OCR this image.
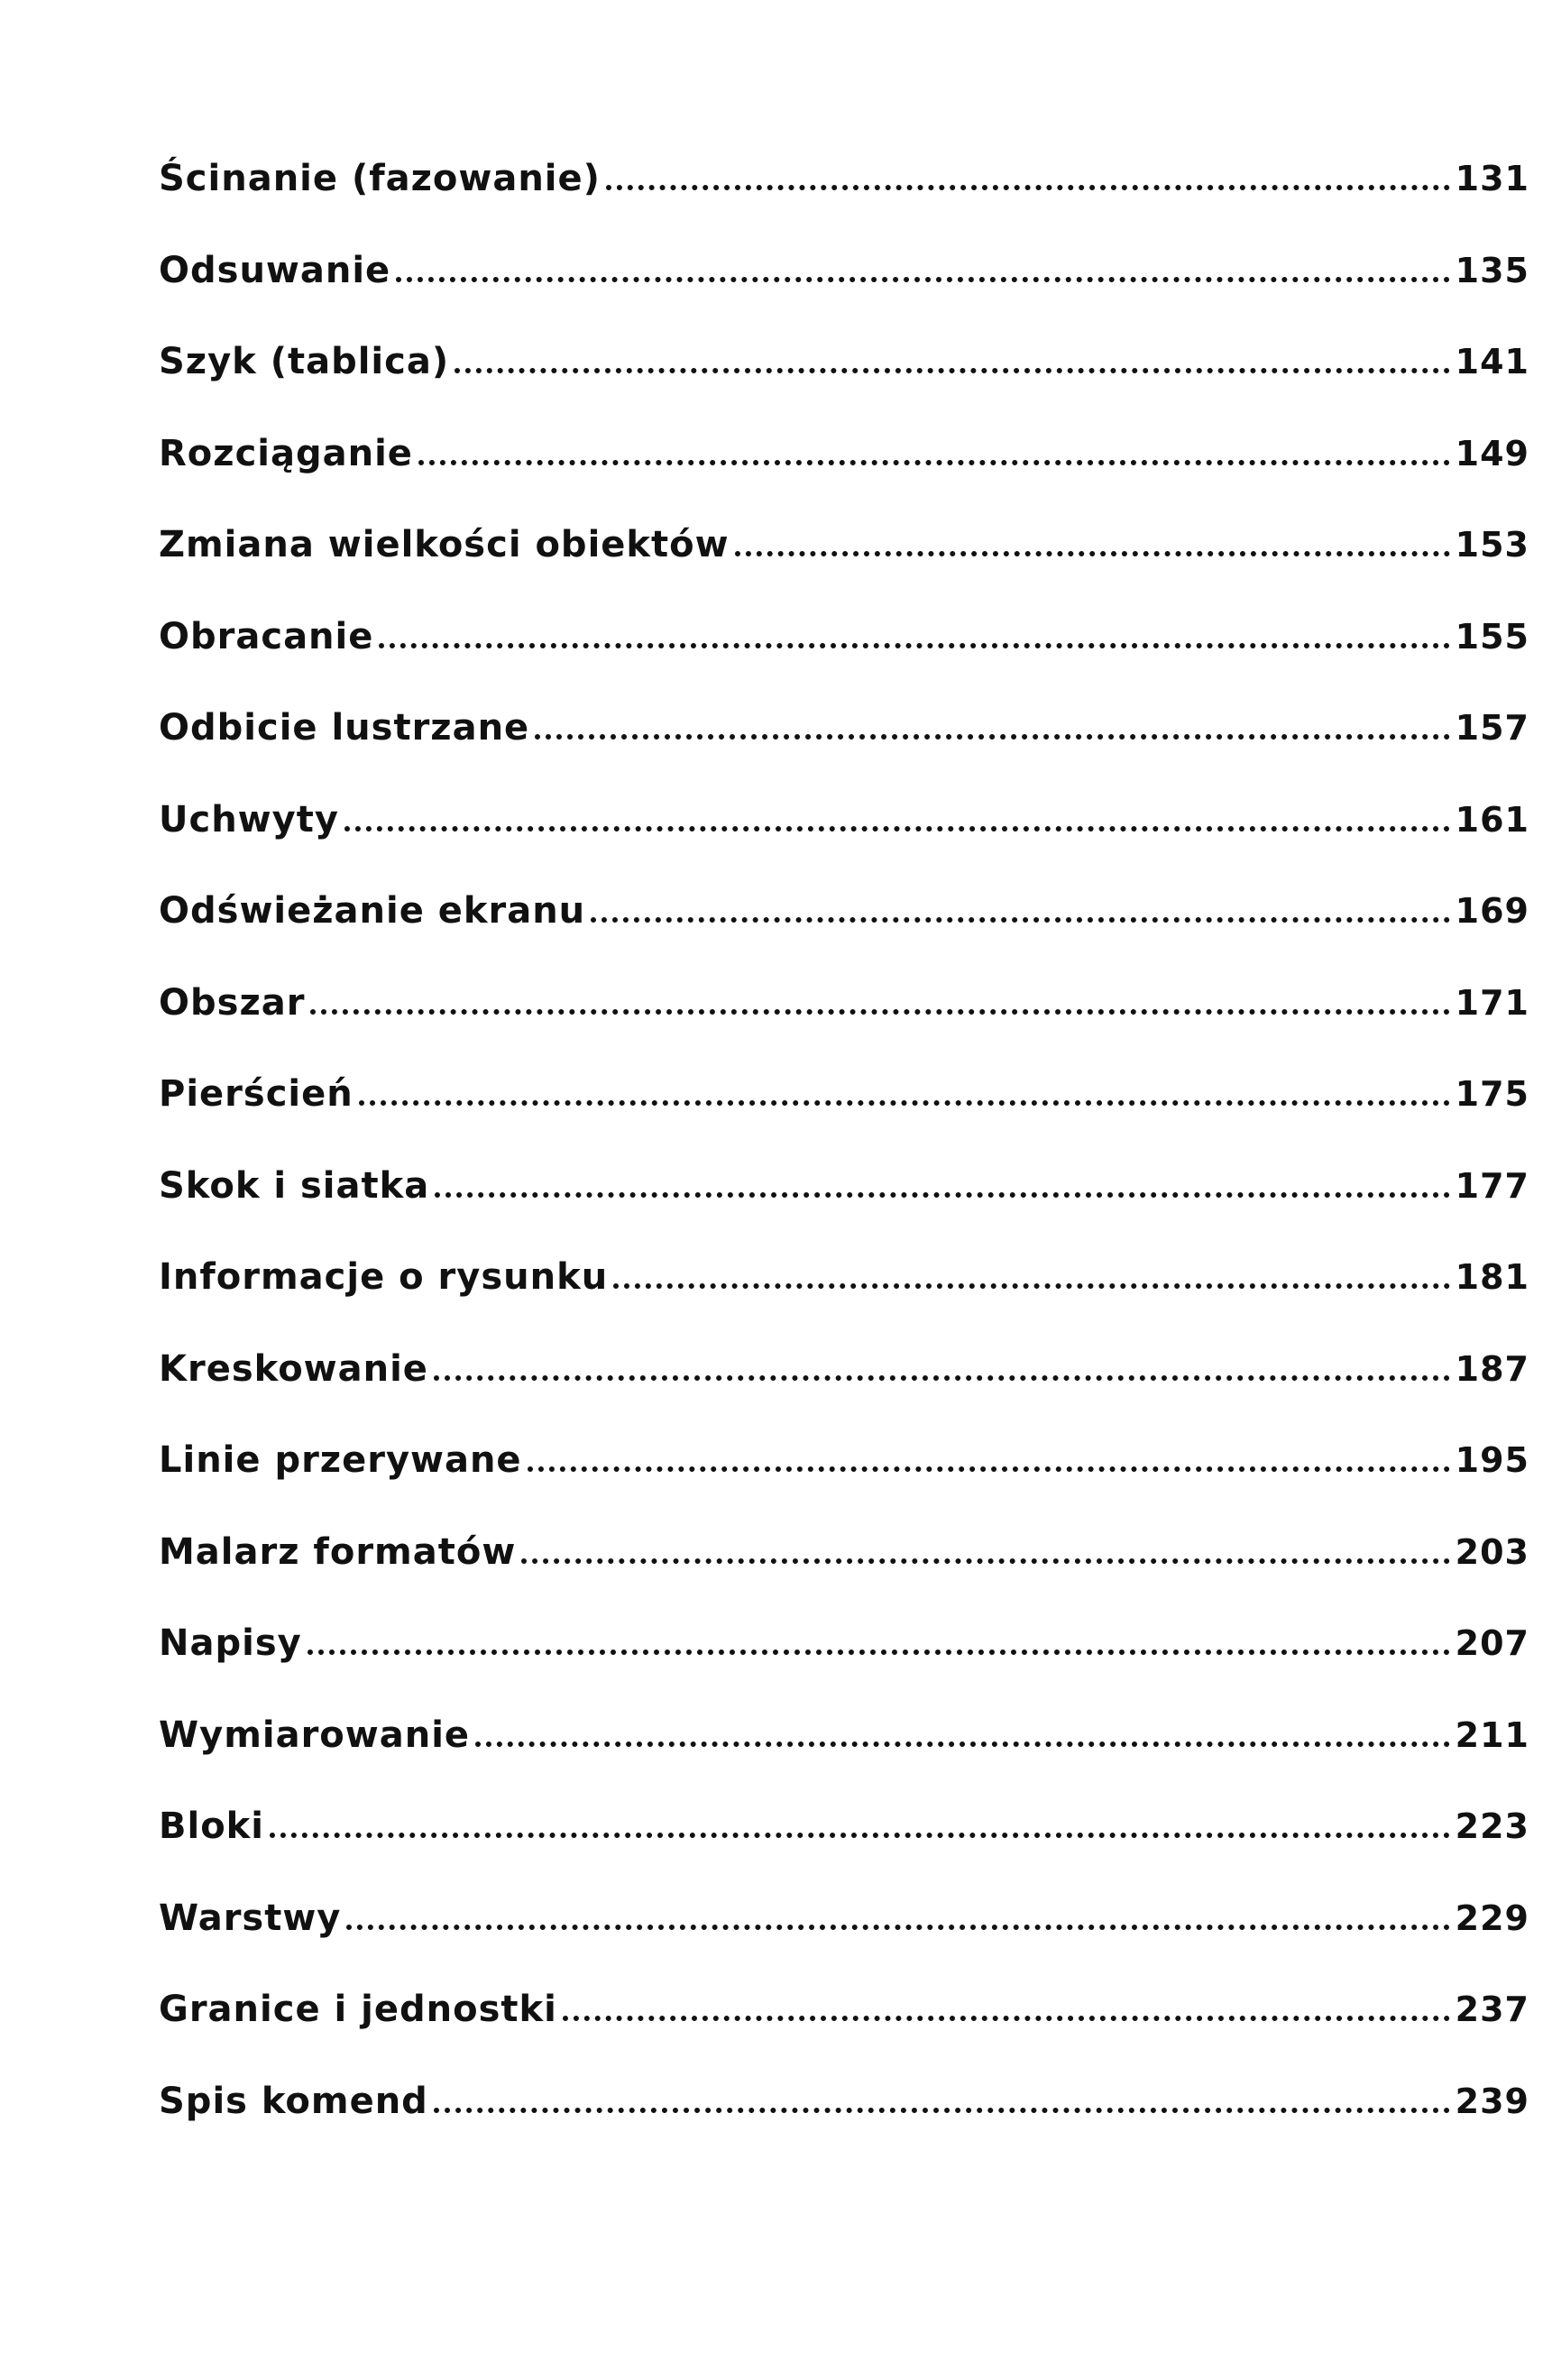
Ścinanie (fazowanie)	131
Odsuwanie	135
Szyk (tablica)	141
Rozciąganie	149
Zmiana wielkości obiektów	153
Obracanie	155
Odbicie lustrzane	157
Uchwyty	161
Odświeżanie ekranu	169
Obszar	171
Pierścień	175
Skok i siatka	177
Informacje o rysunku	181
Kreskowanie	187
Linie przerywane	195
Malarz formatów	203
Napisy	207
Wymiarowanie	211
Bloki	223
Warstwy	229
Granice i jednostki	237
Spis komend	239
